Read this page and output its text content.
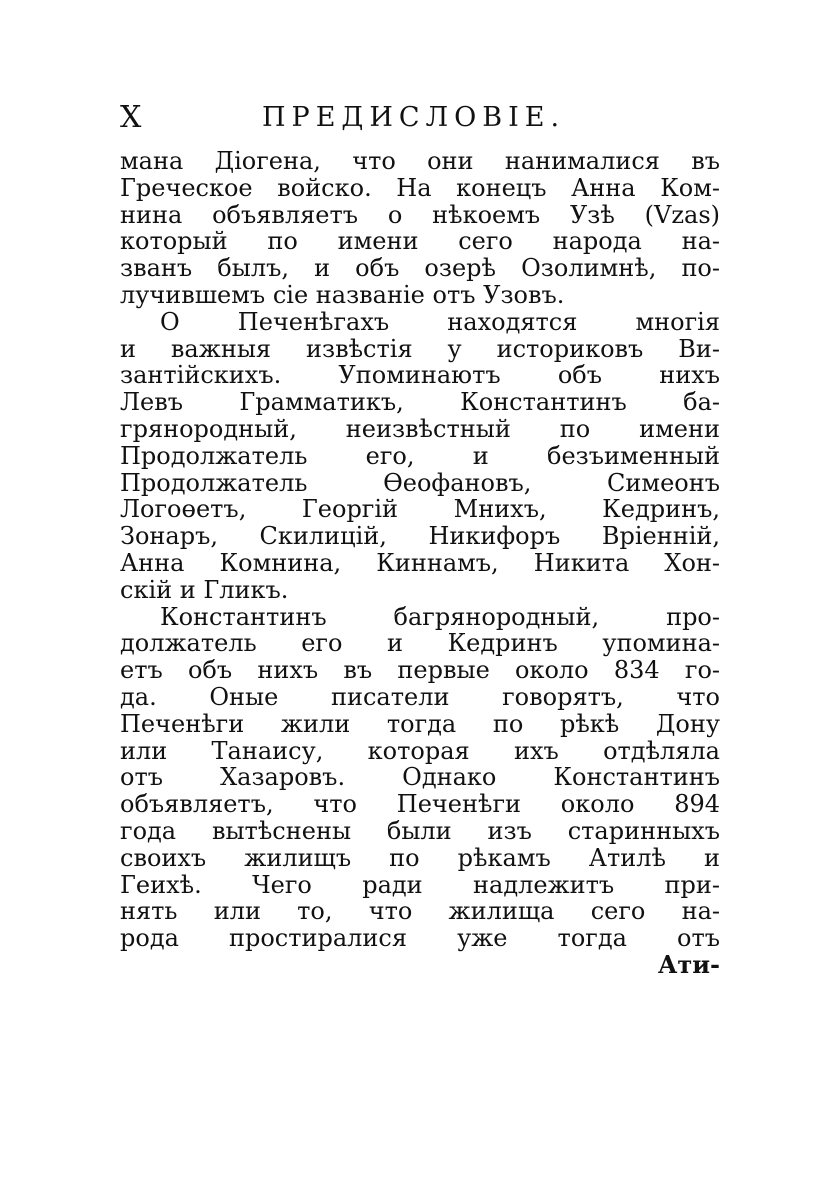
X	ПРЕДИСЛОВІЕ.
мана Діогена, что они нанималися въ
Греческое войско. На конецъ Анна Ком-
нина объявляетъ о нѣкоемъ Узѣ (Vzas)
который по имени сего народа на-
званъ былъ, и объ озерѣ Озолимнѣ, по-
лучившемъ сіе названіе отъ Узовъ.
О Печенѣгахъ находятся многія
и важныя извѣстія у историковъ Ви-
зантійскихъ. Упоминаютъ объ нихъ
Левъ Грамматикъ, Константинъ ба-
грянородный, неизвѣстный по имени
Продолжатель его, и безъименный
Продолжатель Өеофановъ, Симеонъ
Логоөетъ, Георгій Мнихъ, Кедринъ,
Зонаръ, Скилицій, Никифоръ Вріенній,
Анна Комнина, Киннамъ, Никита Хон-
скій и Гликъ.
Константинъ багрянородный, про-
должатель его и Кедринъ упомина-
етъ объ нихъ въ первые около 834 го-
да. Оные писатели говорятъ, что
Печенѣги жили тогда по рѣкѣ Дону
или Танаису, которая ихъ отдѣляла
отъ Хазаровъ. Однако Константинъ
объявляетъ, что Печенѣги около 894
года вытѣснены были изъ старинныхъ
своихъ жилищъ по рѣкамъ Атилѣ и
Геихѣ. Чего ради надлежитъ при-
нять или то, что жилища сего на-
рода простиралися уже тогда отъ
Ати-
